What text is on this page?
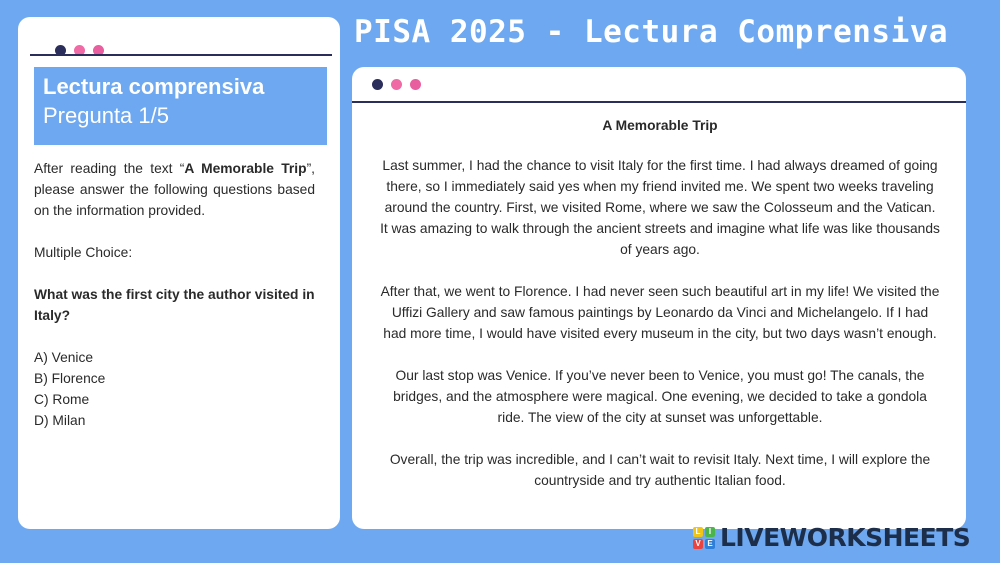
PISA 2025 - Lectura Comprensiva
Lectura comprensiva
Pregunta 1/5

After reading the text “A Memorable Trip”, please answer the following questions based on the information provided.

Multiple Choice:

What was the first city the author visited in Italy?

A) Venice

B) Florence

C) Rome

D) Milan

A Memorable Trip

Last summer, I had the chance to visit Italy for the first time. I had always dreamed of going there, so I immediately said yes when my friend invited me. We spent two weeks traveling around the country. First, we visited Rome, where we saw the Colosseum and the Vatican. It was amazing to walk through the ancient streets and imagine what life was like thousands of years ago.

After that, we went to Florence. I had never seen such beautiful art in my life! We visited the Uffizi Gallery and saw famous paintings by Leonardo da Vinci and Michelangelo. If I had had more time, I would have visited every museum in the city, but two days wasn’t enough.

Our last stop was Venice. If you’ve never been to Venice, you must go! The canals, the bridges, and the atmosphere were magical. One evening, we decided to take a gondola ride. The view of the city at sunset was unforgettable.

Overall, the trip was incredible, and I can’t wait to revisit Italy. Next time, I will explore the countryside and try authentic Italian food.

L	I
V E LIVEWORKSHEETS
